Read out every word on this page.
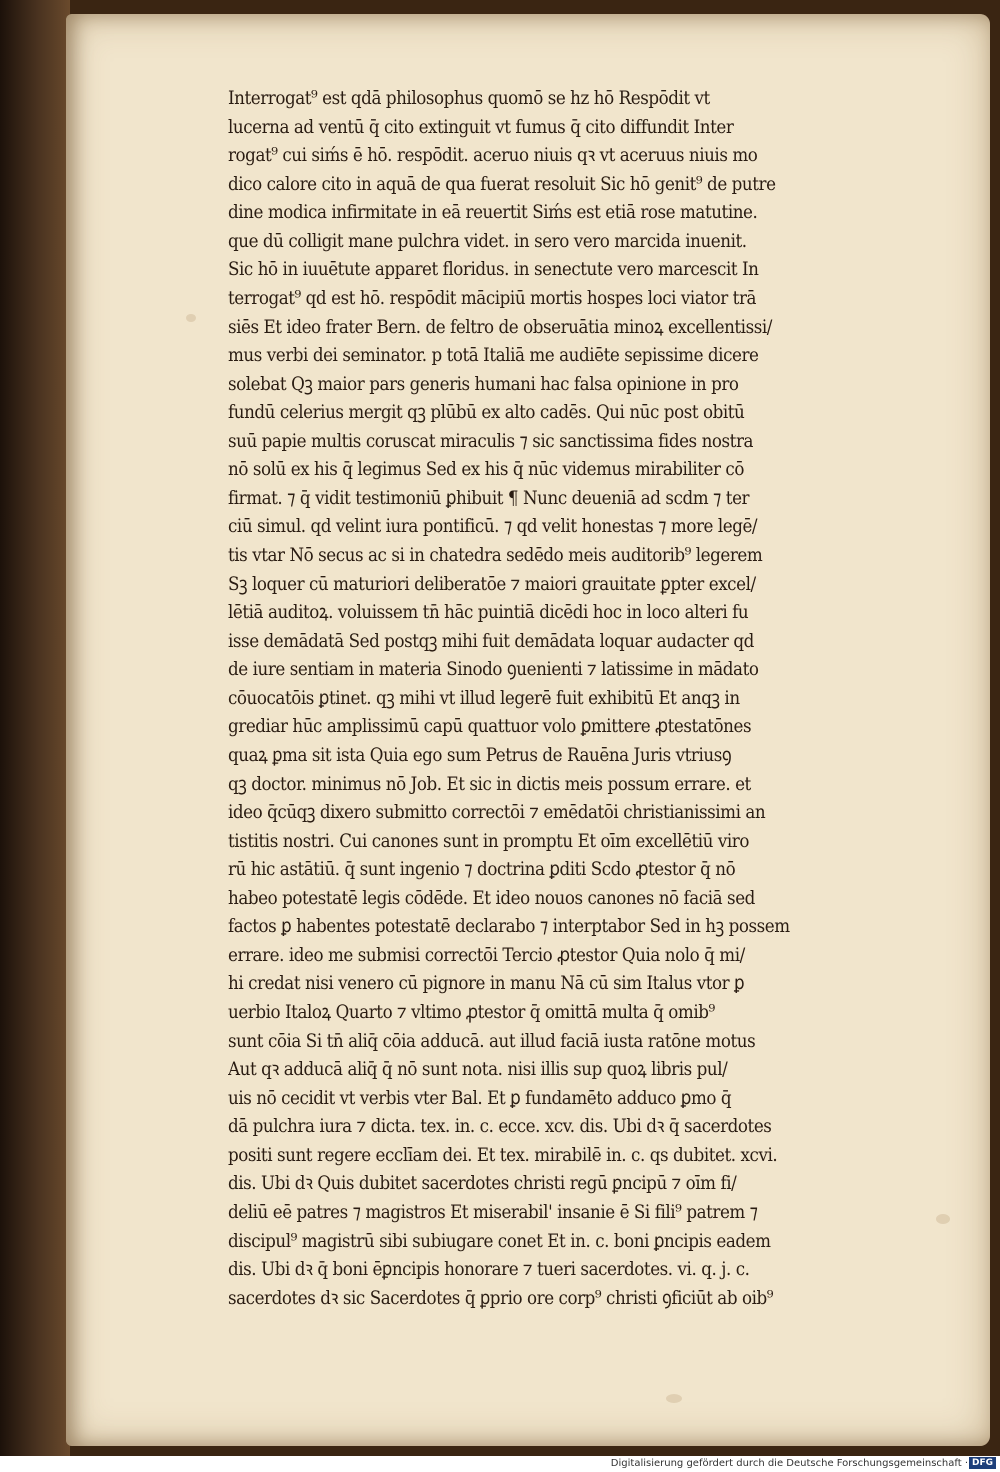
Interrogat⁹ est qdā philosophus quomō se hz hō Respōdit vt
lucerna ad ventū q̄ cito extinguit vt fumus q̄ cito diffundit Inter
rogat⁹ cui siḿs ē hō. respōdit. aceruo niuis qꝛ vt aceruus niuis mo
dico calore cito in aquā de qua fuerat resoluit Sic hō genit⁹ de putre
dine modica infirmitate in eā reuertit Siḿs est etiā rose matutine.
que dū colligit mane pulchra videt. in sero vero marcida inuenit.
Sic hō in iuuētute apparet floridus. in senectute vero marcescit In
terrogat⁹ qd est hō. respōdit mācipiū mortis hospes loci viator trā
siēs Et ideo frater Bern. de feltro de obseruātia minoꝝ excellentissi/
mus verbi dei seminator. p totā Italiā me audiēte sepissime dicere
solebat Qꝫ maior pars generis humani hac falsa opinione in pro
fundū celerius mergit qꝫ plūbū ex alto cadēs. Qui nūc post obitū
suū papie multis coruscat miraculis ⁊ sic sanctissima fides nostra
nō solū ex his q̄ legimus Sed ex his q̄ nūc videmus mirabiliter cō
firmat. ⁊ q̄ vidit testimoniū ꝑhibuit ¶ Nunc deueniā ad scdm ⁊ ter
ciū simul. qd velint iura pontificū. ⁊ qd velit honestas ⁊ more legē/
tis vtar Nō secus ac si in chatedra sedēdo meis auditorib⁹ legerem
Sꝫ loquer cū maturiori deliberatōe ⁊ maiori grauitate ꝑpter excel/
lētiā auditoꝝ. voluissem tn̄ hāc puintiā dicēdi hoc in loco alteri fu
isse demādatā Sed postqꝫ mihi fuit demādata loquar audacter qd
de iure sentiam in materia Sinodo ꝯuenienti ⁊ latissime in mādato
cōuocatōis ꝑtinet. qꝫ mihi vt illud legerē fuit exhibitū Et anqꝫ in
grediar hūc amplissimū capū quattuor volo ꝑmittere ꝓtestatōnes
quaꝝ ꝑma sit ista Quia ego sum Petrus de Rauēna Juris vtriusꝯ
qꝫ doctor. minimus nō Job. Et sic in dictis meis possum errare. et
ideo q̄cūqꝫ dixero submitto correctōi ⁊ emēdatōi christianissimi an
tistitis nostri. Cui canones sunt in promptu Et oīm excellētiū viro
rū hic astātiū. q̄ sunt ingenio ⁊ doctrina ꝑditi Scdo ꝓtestor q̄ nō
habeo potestatē legis cōdēde. Et ideo nouos canones nō faciā sed
factos ꝑ habentes potestatē declarabo ⁊ interptabor Sed in hꝫ possem
errare. ideo me submisi correctōi Tercio ꝓtestor Quia nolo q̄ mi/
hi credat nisi venero cū pignore in manu Nā cū sim Italus vtor ꝑ
uerbio Italoꝝ Quarto ⁊ vltimo ꝓtestor q̄ omittā multa q̄ omib⁹
sunt cōia Si tn̄ aliq̄ cōia adducā. aut illud faciā iusta ratōne motus
Aut qꝛ adducā aliq̄ q̄ nō sunt nota. nisi illis sup quoꝝ libris pul/
uis nō cecidit vt verbis vter Bal. Et ꝑ fundamēto adduco ꝑmo q̄
dā pulchra iura ⁊ dicta. tex. in. c. ecce. xcv. dis. Ubi dꝛ q̄ sacerdotes
positi sunt regere ecclīam dei. Et tex. mirabilē in. c. qs dubitet. xcvi.
dis. Ubi dꝛ Quis dubitet sacerdotes christi regū ꝑncipū ⁊ oīm fi/
deliū eē patres ⁊ magistros Et miserabil' insanie ē Si fili⁹ patrem ⁊
discipul⁹ magistrū sibi subiugare conet Et in. c. boni ꝑncipis eadem
dis. Ubi dꝛ q̄ boni ēꝑncipis honorare ⁊ tueri sacerdotes. vi. q. j. c.
sacerdotes dꝛ sic Sacerdotes q̄ ꝑprio ore corp⁹ christi ꝯficiūt ab oib⁹
Digitalisierung gefördert durch die Deutsche Forschungsgemeinschaft · DFG
